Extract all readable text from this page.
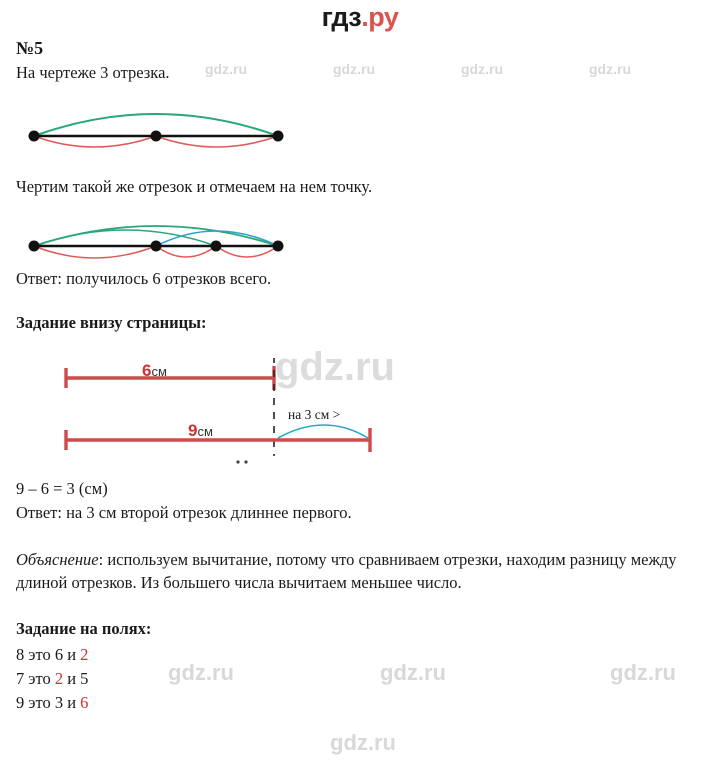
гдз.ру
gdz.ru	gdz.ru	gdz.ru	gdz.ru
gdz.ru
gdz.ru	gdz.ru	gdz.ru
gdz.ru
№5
На чертеже 3 отрезка.
Чертим такой же отрезок и отмечаем на нем точку.
Ответ: получилось 6 отрезков всего.
Задание внизу страницы:
6см
9см
на 3 см >
9 – 6 = 3 (см)
Ответ: на 3 см второй отрезок длиннее первого.
Объяснение: используем вычитание, потому что сравниваем отрезки, находим разницу между длиной отрезков. Из большего числа вычитаем меньшее число.
Задание на полях:
8 это 6 и 2
7 это 2 и 5
9 это 3 и 6
